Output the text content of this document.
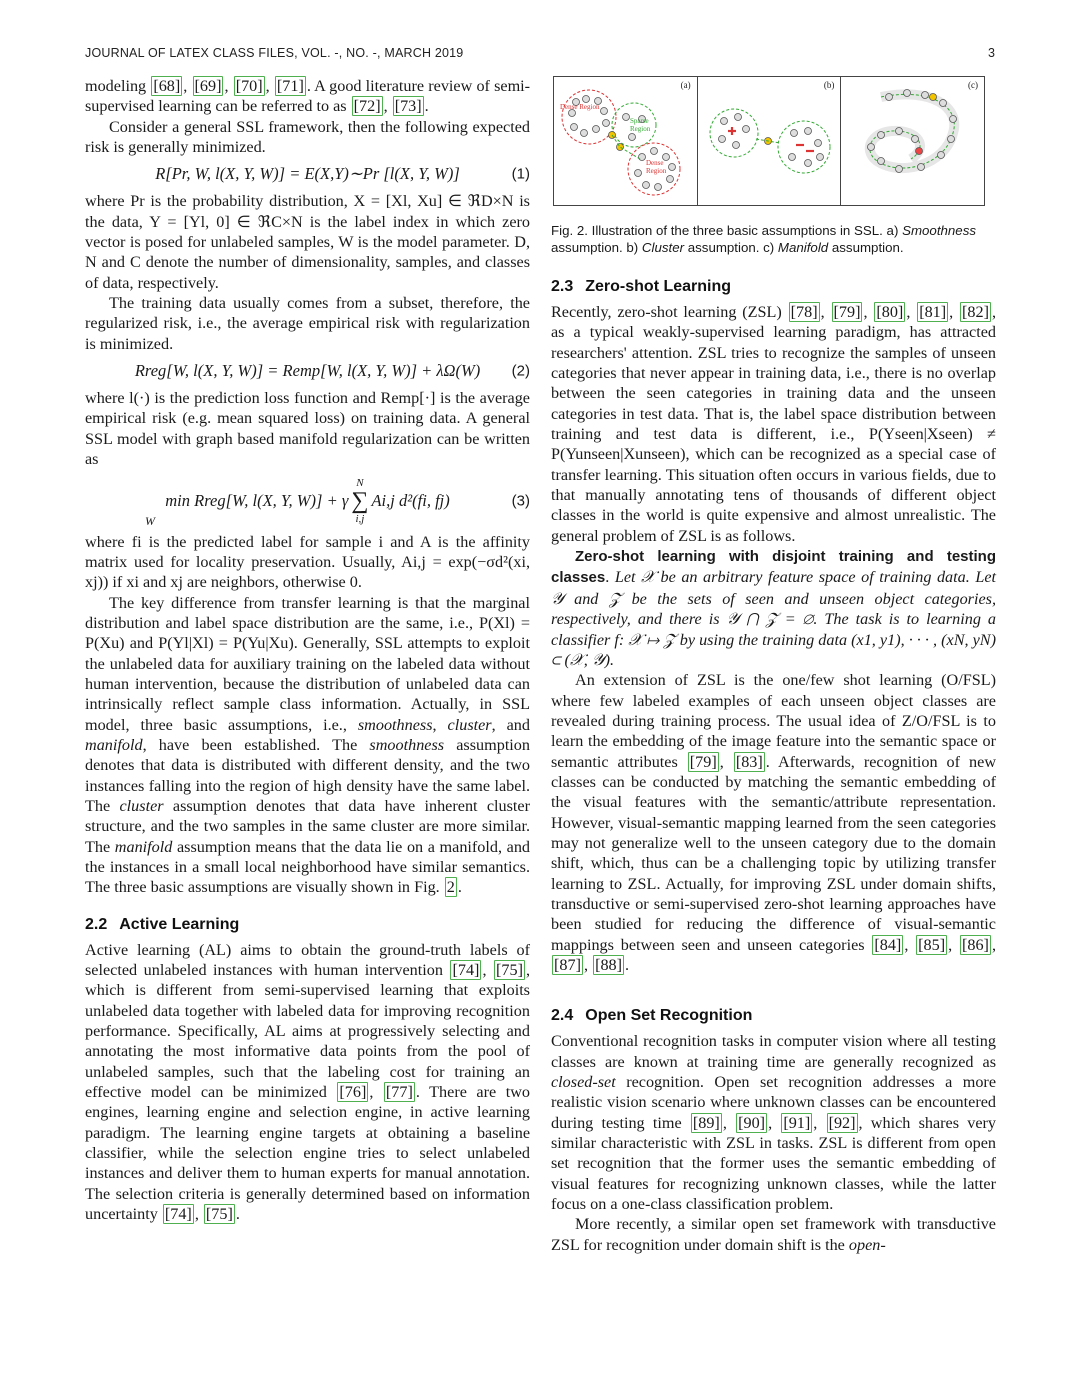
JOURNAL OF LATEX CLASS FILES, VOL. -, NO. -, MARCH 2019	3

modeling [68] , [69] , [70] , [71] . A good literature review of semi-supervised learning can be referred to as [72] , [73] .

Consider a general SSL framework, then the following expected risk is generally minimized.

R[Pr, W, l(X, Y, W)] = E(X,Y)∼Pr [l(X, Y, W)]	(1)

where Pr is the probability distribution, X = [Xl, Xu] ∈ ℜD×N is the data, Y = [Yl, 0] ∈ ℜC×N is the label index in which zero vector is posed for unlabeled samples, W is the model parameter. D, N and C denote the number of dimensionality, samples, and classes of data, respectively.

The training data usually comes from a subset, therefore, the regularized risk, i.e., the average empirical risk with regularization is minimized.

Rreg[W, l(X, Y, W)] = Remp[W, l(X, Y, W)] + λΩ(W) (2)

where l(·) is the prediction loss function and Remp[·] is the average empirical risk (e.g. mean squared loss) on training data. A general SSL model with graph based manifold regularization can be written as

min Rreg[W, l(X, Y, W)] + γ
N
∑
i,j
Ai,j d²(fi, fj)
W
(3)

where fi is the predicted label for sample i and A is the affinity matrix used for locality preservation. Usually, Ai,j = exp(−σd²(xi, xj)) if xi and xj are neighbors, otherwise 0.

The key difference from transfer learning is that the marginal distribution and label space distribution are the same, i.e., P(Xl) = P(Xu) and P(Yl|Xl) = P(Yu|Xu). Generally, SSL attempts to exploit the unlabeled data for auxiliary training on the labeled data without human intervention, because the distribution of unlabeled data can intrinsically reflect sample class information. Actually, in SSL model, three basic assumptions, i.e., smoothness, cluster, and manifold, have been established. The smoothness assumption denotes that data is distributed with different density, and the two instances falling into the region of high density have the same label. The cluster assumption denotes that data have inherent cluster structure, and the two samples in the same cluster are more similar. The manifold assumption means that the data lie on a manifold, and the instances in a small local neighborhood have similar semantics. The three basic assumptions are visually shown in Fig. 2 .

2.2 Active Learning

Active learning (AL) aims to obtain the ground-truth labels of selected unlabeled instances with human intervention [74] , [75] , which is different from semi-supervised learning that exploits unlabeled data together with labeled data for improving recognition performance. Specifically, AL aims at progressively selecting and annotating the most informative data points from the pool of unlabeled samples, such that the labeling cost for training an effective model can be minimized [76] , [77] . There are two engines, learning engine and selection engine, in active learning paradigm. The learning engine targets at obtaining a baseline classifier, while the selection engine tries to select unlabeled instances and deliver them to human experts for manual annotation. The selection criteria is generally determined based on information uncertainty [74] , [75] .

(a)
Dense Region
Sparse Region
Dense Region
(b)	(c)

Fig. 2. Illustration of the three basic assumptions in SSL. a) Smoothness assumption. b) Cluster assumption. c) Manifold assumption.

2.3 Zero-shot Learning

Recently, zero-shot learning (ZSL) [78] , [79] , [80] , [81] , [82] , as a typical weakly-supervised learning paradigm, has attracted researchers' attention. ZSL tries to recognize the samples of unseen categories that never appear in training data, i.e., there is no overlap between the seen categories in training data and the unseen categories in test data. That is, the label space distribution between training and test data is different, i.e., P(Yseen|Xseen) ≠ P(Yunseen|Xunseen), which can be recognized as a special case of transfer learning. This situation often occurs in various fields, due to that manually annotating tens of thousands of different object classes in the world is quite expensive and almost unrealistic. The general problem of ZSL is as follows.

Zero-shot learning with disjoint training and testing classes. Let 𝒳 be an arbitrary feature space of training data. Let 𝒴 and 𝒵 be the sets of seen and unseen object categories, respectively, and there is 𝒴 ⋂ 𝒵 = ∅. The task is to learning a classifier f: 𝒳 ↦ 𝒵 by using the training data (x1, y1), · · · , (xN, yN) ⊂ (𝒳, 𝒴).

An extension of ZSL is the one/few shot learning (O/FSL) where few labeled examples of each unseen object classes are revealed during training process. The usual idea of Z/O/FSL is to learn the embedding of the image feature into the semantic space or semantic attributes [79] , [83] . Afterwards, recognition of new classes can be conducted by matching the semantic embedding of the visual features with the semantic/attribute representation. However, visual-semantic mapping learned from the seen categories may not generalize well to the unseen category due to the domain shift, which, thus can be a challenging topic by utilizing transfer learning to ZSL. Actually, for improving ZSL under domain shifts, transductive or semi-supervised zero-shot learning approaches have been studied for reducing the difference of visual-semantic mappings between seen and unseen categories [84] , [85] , [86] , [87] , [88] .

2.4 Open Set Recognition

Conventional recognition tasks in computer vision where all testing classes are known at training time are generally recognized as closed-set recognition. Open set recognition addresses a more realistic vision scenario where unknown classes can be encountered during testing time [89] , [90] , [91] , [92] , which shares very similar characteristic with ZSL in tasks. ZSL is different from open set recognition that the former uses the semantic embedding of visual features for recognizing unknown classes, while the latter focus on a one-class classification problem.

More recently, a similar open set framework with transductive ZSL for recognition under domain shift is the open-
